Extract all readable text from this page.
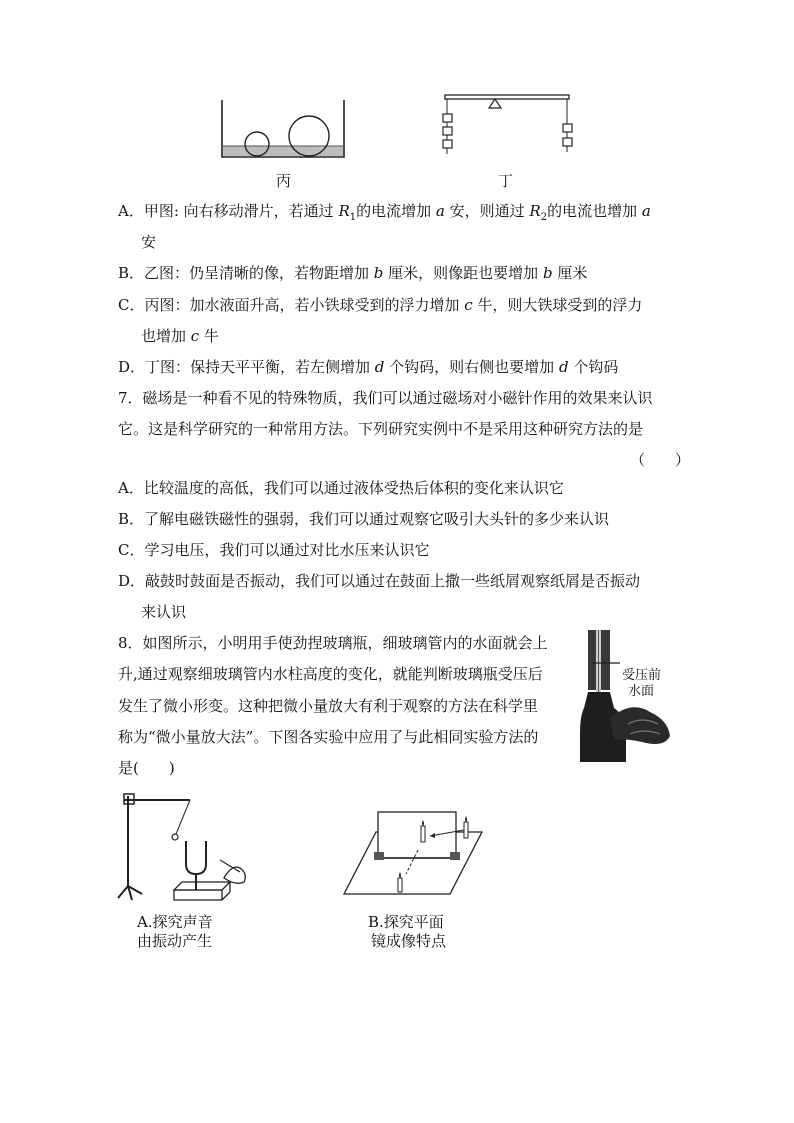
丙	丁
A．甲图: 向右移动滑片，若通过 $R_1$的电流增加 a 安，则通过 $R_2$的电流也增加 a
安
B．乙图：仍呈清晰的像，若物距增加 b 厘米，则像距也要增加 b 厘米
C．丙图：加水液面升高，若小铁球受到的浮力增加 c 牛，则大铁球受到的浮力
也增加 c 牛
D．丁图：保持天平平衡，若左侧增加 d 个钩码，则右侧也要增加 d 个钩码
7．磁场是一种看不见的特殊物质，我们可以通过磁场对小磁针作用的效果来认识
它。这是科学研究的一种常用方法。下列研究实例中不是采用这种研究方法的是
（　　）
A．比较温度的高低，我们可以通过液体受热后体积的变化来认识它
B．了解电磁铁磁性的强弱，我们可以通过观察它吸引大头针的多少来认识
C．学习电压，我们可以通过对比水压来认识它
D．敲鼓时鼓面是否振动，我们可以通过在鼓面上撒一些纸屑观察纸屑是否振动
来认识
8．如图所示，小明用手使劲捏玻璃瓶，细玻璃管内的水面就会上
升,通过观察细玻璃管内水柱高度的变化，就能判断玻璃瓶受压后
发生了微小形变。这种把微小量放大有利于观察的方法在科学里
称为“微小量放大法”。下图各实验中应用了与此相同实验方法的
是(　　)
受压前
水面
A.探究声音
由振动产生
B.探究平面
镜成像特点
